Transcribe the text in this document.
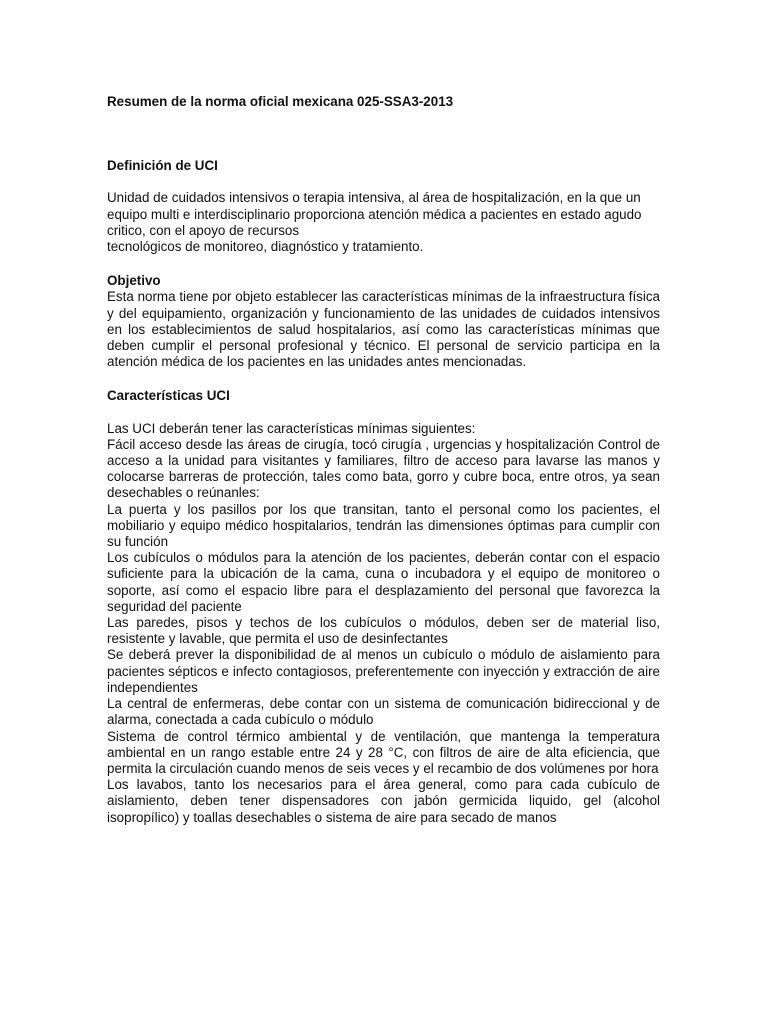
Resumen de la norma oficial mexicana 025-SSA3-2013

Definición de UCI

Unidad de cuidados intensivos o terapia intensiva, al área de hospitalización, en la que un equipo multi e interdisciplinario proporciona atención médica a pacientes en estado agudo critico, con el apoyo de recursos

tecnológicos de monitoreo, diagnóstico y tratamiento.

Objetivo

Esta norma tiene por objeto establecer las características mínimas de la infraestructura física y del equipamiento, organización y funcionamiento de las unidades de cuidados intensivos en los establecimientos de salud hospitalarios, así como las características mínimas que deben cumplir el personal profesional y técnico. El personal de servicio participa en la atención médica de los pacientes en las unidades antes mencionadas.

Características UCI

Las UCI deberán tener las características mínimas siguientes:

Fácil acceso desde las áreas de cirugía, tocó cirugía , urgencias y hospitalización Control de acceso a la unidad para visitantes y familiares, filtro de acceso para lavarse las manos y colocarse barreras de protección, tales como bata, gorro y cubre boca, entre otros, ya sean desechables o reúnanles:

La puerta y los pasillos por los que transitan, tanto el personal como los pacientes, el mobiliario y equipo médico hospitalarios, tendrán las dimensiones óptimas para cumplir con su función

Los cubículos o módulos para la atención de los pacientes, deberán contar con el espacio suficiente para la ubicación de la cama, cuna o incubadora y el equipo de monitoreo o soporte, así como el espacio libre para el desplazamiento del personal que favorezca la seguridad del paciente

Las paredes, pisos y techos de los cubículos o módulos, deben ser de material liso, resistente y lavable, que permita el uso de desinfectantes

Se deberá prever la disponibilidad de al menos un cubículo o módulo de aislamiento para pacientes sépticos e infecto contagiosos, preferentemente con inyección y extracción de aire independientes

La central de enfermeras, debe contar con un sistema de comunicación bidireccional y de alarma, conectada a cada cubículo o módulo

Sistema de control térmico ambiental y de ventilación, que mantenga la temperatura ambiental en un rango estable entre 24 y 28 °C, con filtros de aire de alta eficiencia, que permita la circulación cuando menos de seis veces y el recambio de dos volúmenes por hora

Los lavabos, tanto los necesarios para el área general, como para cada cubículo de aislamiento, deben tener dispensadores con jabón germicida liquido, gel (alcohol isopropílico) y toallas desechables o sistema de aire para secado de manos
